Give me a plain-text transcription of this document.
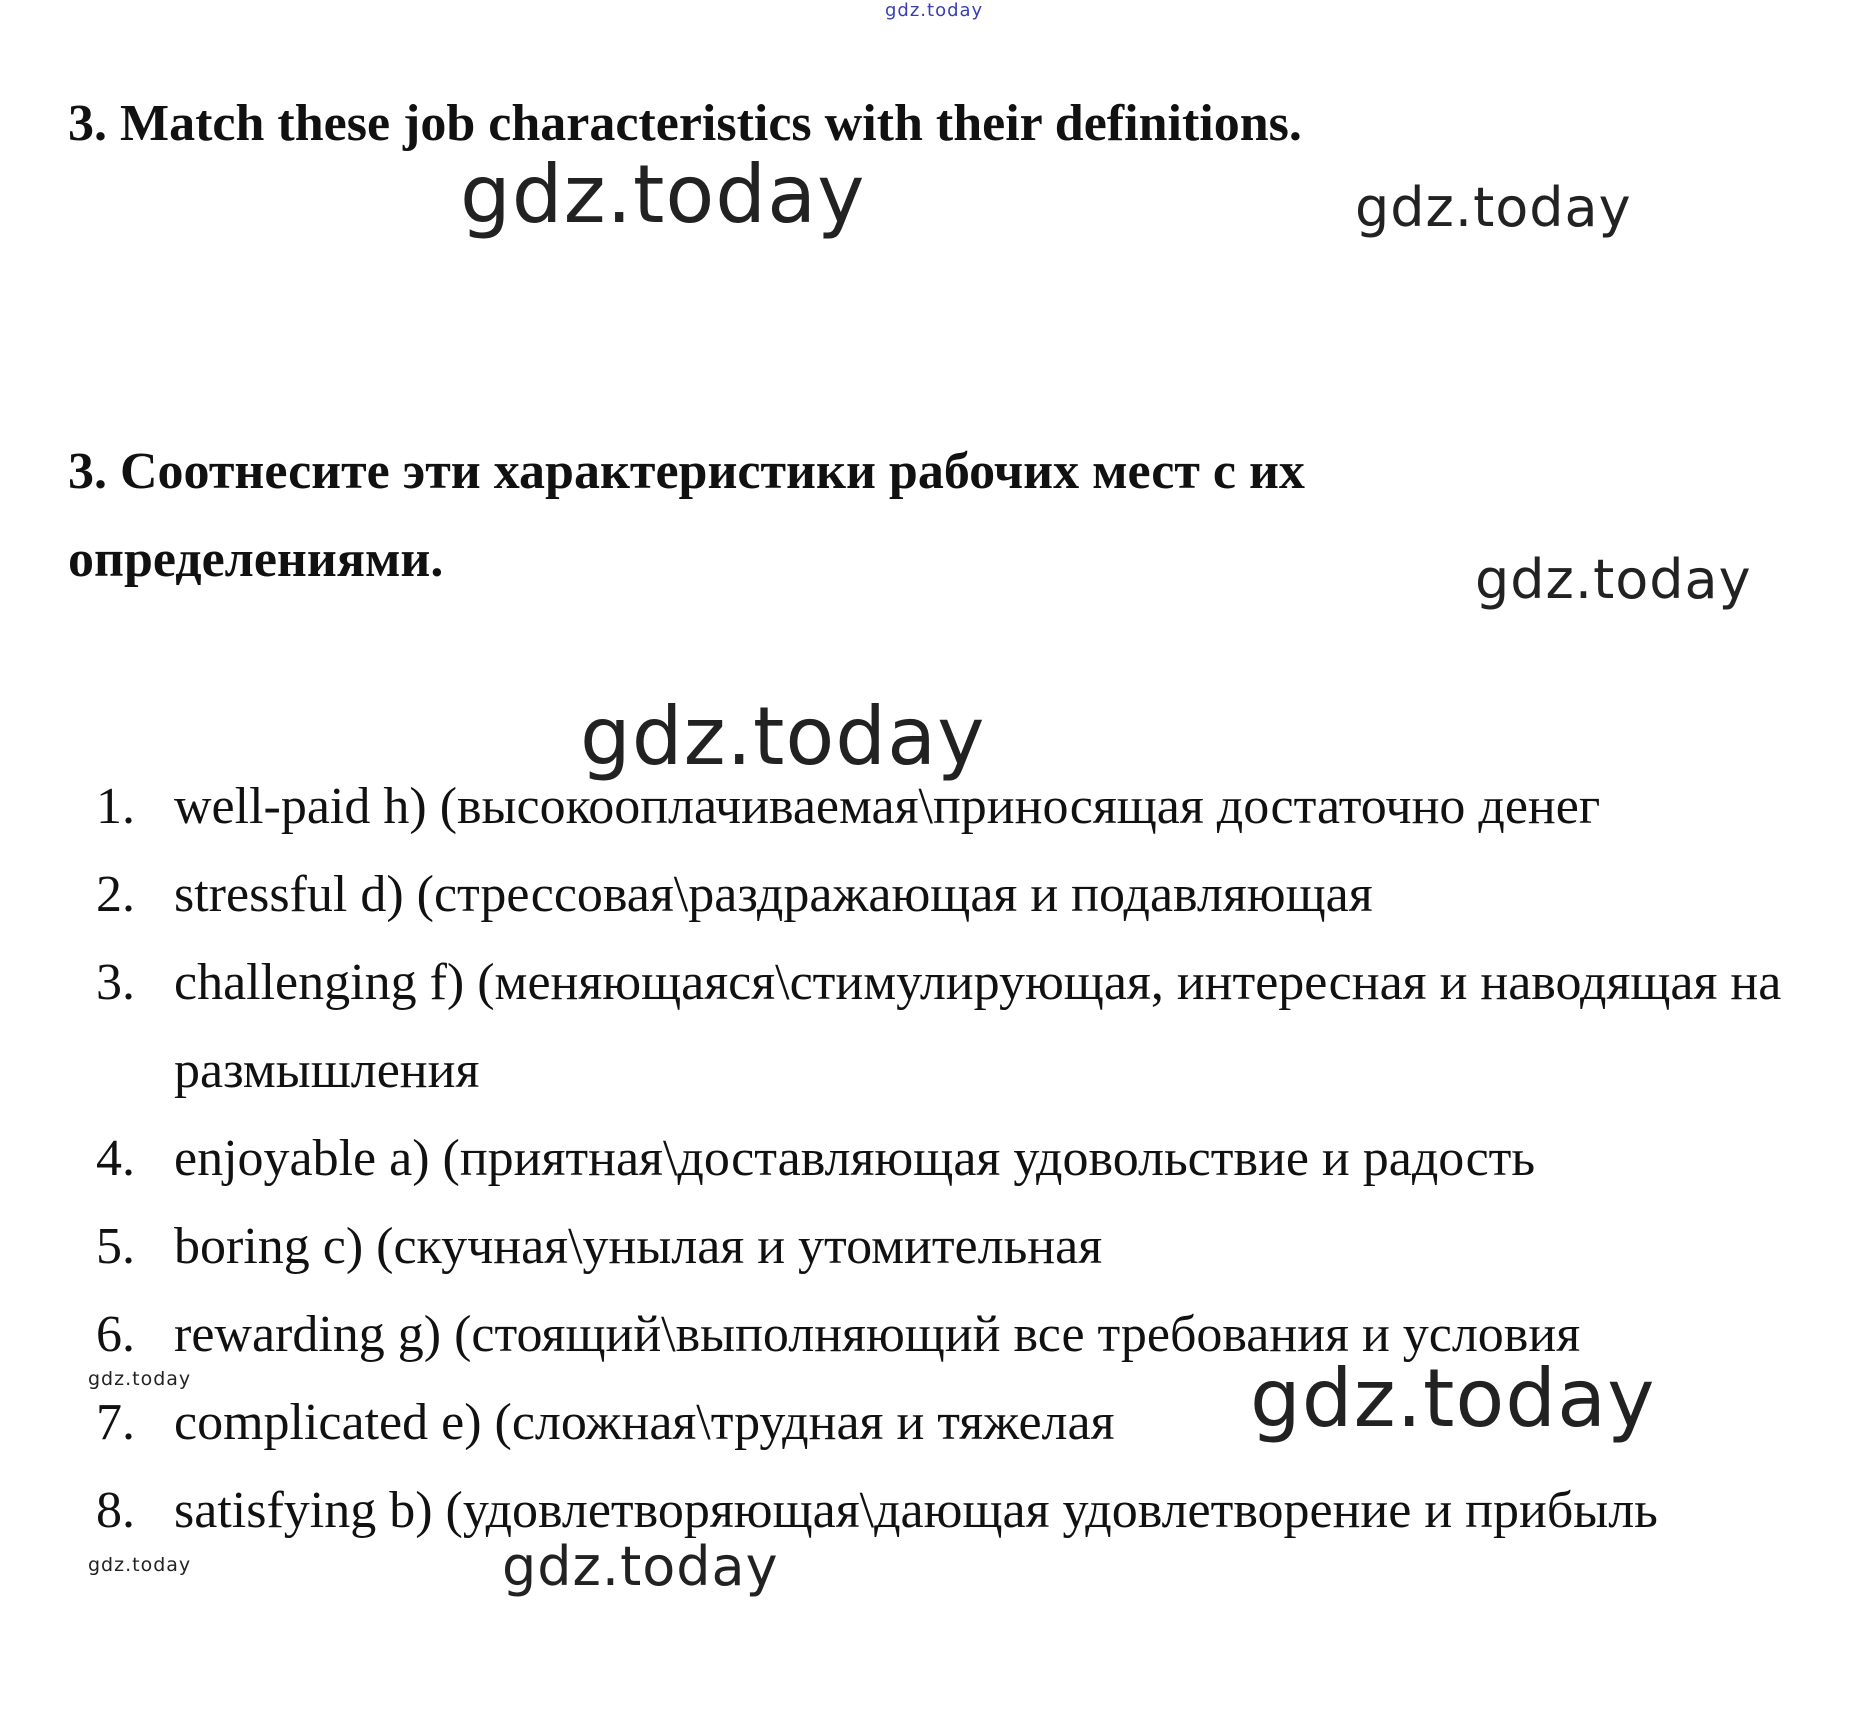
3. Match these job characteristics with their definitions.
3. Соотнесите эти характеристики рабочих мест с их определениями.
1. well-paid h) (высокооплачиваемая\приносящая достаточно денег
2. stressful d) (стрессовая\раздражающая и подавляющая
3. challenging f) (меняющаяся\стимулирующая, интересная и наводящая на размышления
4. enjoyable a) (приятная\доставляющая удовольствие и радость
5. boring c) (скучная\унылая и утомительная
6. rewarding g) (стоящий\выполняющий все требования и условия
7. complicated e) (сложная\трудная и тяжелая
8. satisfying b) (удовлетворяющая\дающая удовлетворение и прибыль
gdz.today
gdz.today	gdz.today
gdz.today
gdz.today
gdz.today
gdz.today
gdz.today	gdz.today
